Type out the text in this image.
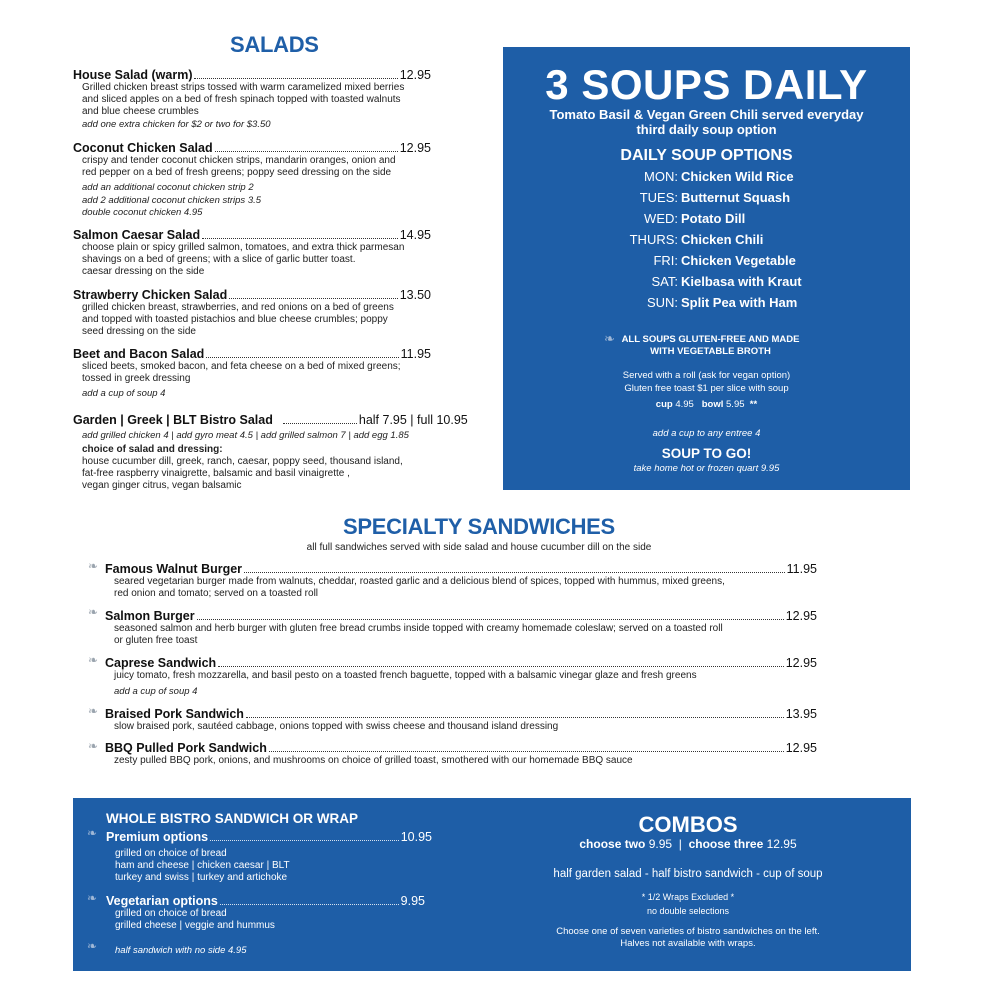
SALADS
House Salad (warm)	12.95
Grilled chicken breast strips tossed with warm caramelized mixed berries
and sliced apples on a bed of fresh spinach topped with toasted walnuts
and blue cheese crumbles
add one extra chicken for $2 or two for $3.50
Coconut Chicken Salad	12.95
crispy and tender coconut chicken strips, mandarin oranges, onion and
red pepper on a bed of fresh greens; poppy seed dressing on the side
add an additional coconut chicken strip 2
add 2 additional coconut chicken strips 3.5
double coconut chicken 4.95
Salmon Caesar Salad	14.95
choose plain or spicy grilled salmon, tomatoes, and extra thick parmesan
shavings on a bed of greens; with a slice of garlic butter toast.
caesar dressing on the side
Strawberry Chicken Salad	13.50
grilled chicken breast, strawberries, and red onions on a bed of greens
and topped with toasted pistachios and blue cheese crumbles; poppy
seed dressing on the side
Beet and Bacon Salad	11.95
sliced beets, smoked bacon, and feta cheese on a bed of mixed greens;
tossed in greek dressing
add a cup of soup 4
Garden | Greek | BLT Bistro Salad	half 7.95 | full 10.95
add grilled chicken 4 | add gyro meat 4.5 | add grilled salmon 7 | add egg 1.85
choice of salad and dressing:
house cucumber dill, greek, ranch, caesar, poppy seed, thousand island,
fat-free raspberry vinaigrette, balsamic and basil vinaigrette ,
vegan ginger citrus, vegan balsamic
3 SOUPS DAILY
Tomato Basil & Vegan Green Chili served everyday
third daily soup option
DAILY SOUP OPTIONS
MON: Chicken Wild Rice
TUES: Butternut Squash
WED: Potato Dill
THURS: Chicken Chili
FRI: Chicken Vegetable
SAT: Kielbasa with Kraut
SUN: Split Pea with Ham
❧ ALL SOUPS GLUTEN-FREE AND MADE
WITH VEGETABLE BROTH
Served with a roll (ask for vegan option)
Gluten free toast $1 per slice with soup
cup 4.95 bowl 5.95 **
add a cup to any entree 4
SOUP TO GO!
take home hot or frozen quart 9.95
SPECIALTY SANDWICHES
all full sandwiches served with side salad and house cucumber dill on the side
❧ Famous Walnut Burger	11.95
seared vegetarian burger made from walnuts, cheddar, roasted garlic and a delicious blend of spices, topped with hummus, mixed greens,
red onion and tomato; served on a toasted roll
❧ Salmon Burger	12.95
seasoned salmon and herb burger with gluten free bread crumbs inside topped with creamy homemade coleslaw; served on a toasted roll
or gluten free toast
❧ Caprese Sandwich	12.95
juicy tomato, fresh mozzarella, and basil pesto on a toasted french baguette, topped with a balsamic vinegar glaze and fresh greens
add a cup of soup 4
❧ Braised Pork Sandwich	13.95
slow braised pork, sautéed cabbage, onions topped with swiss cheese and thousand island dressing
❧ BBQ Pulled Pork Sandwich	12.95
zesty pulled BBQ pork, onions, and mushrooms on choice of grilled toast, smothered with our homemade BBQ sauce
WHOLE BISTRO SANDWICH OR WRAP
❧ Premium options	10.95
grilled on choice of bread
ham and cheese | chicken caesar | BLT
turkey and swiss | turkey and artichoke
❧ Vegetarian options	9.95
grilled on choice of bread
grilled cheese | veggie and hummus
❧ half sandwich with no side 4.95
COMBOS
choose two 9.95  |  choose three 12.95
half garden salad - half bistro sandwich - cup of soup
* 1/2 Wraps Excluded *
no double selections
Choose one of seven varieties of bistro sandwiches on the left.
Halves not available with wraps.
